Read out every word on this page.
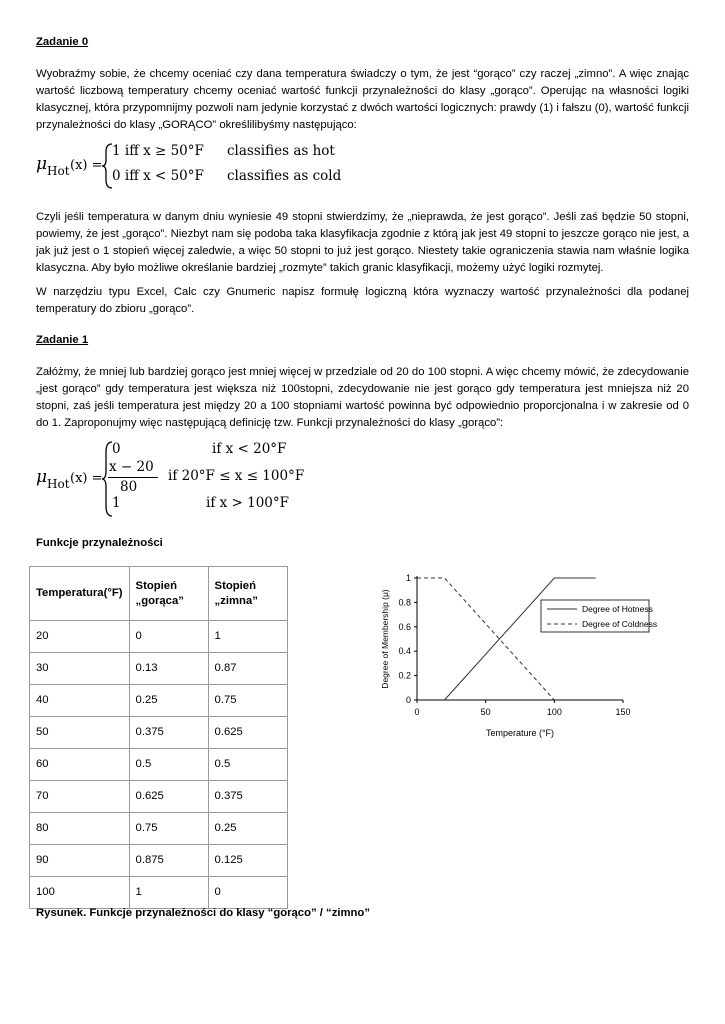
Zadanie 0

Wyobraźmy sobie, że chcemy oceniać czy dana temperatura świadczy o tym, że jest “gorąco” czy raczej „zimno”. A więc znając wartość liczbową temperatury chcemy oceniać wartość funkcji przynależności do klasy „gorąco”. Operując na własności logiki klasycznej, która przypomnijmy pozwoli nam jedynie korzystać z dwóch wartości logicznych: prawdy (1) i fałszu (0), wartość funkcji przynależności do klasy „GORĄCO” określilibyśmy następująco:

μ Hot (x) =
1 iff x ≥ 50°F classifies as hot
0 iff x < 50°F classifies as cold

Czyli jeśli temperatura w danym dniu wyniesie 49 stopni stwierdzimy, że „nieprawda, że jest gorąco”. Jeśli zaś będzie 50 stopni, powiemy, że jest „gorąco”. Niezbyt nam się podoba taka klasyfikacja zgodnie z którą jak jest 49 stopni to jeszcze gorąco nie jest, a jak już jest o 1 stopień więcej zaledwie, a więc 50 stopni to już jest gorąco. Niestety takie ograniczenia stawia nam właśnie logika klasyczna. Aby było możliwe określanie bardziej „rozmyte” takich granic klasyfikacji, możemy użyć logiki rozmytej.

W narzędziu typu Excel, Calc czy Gnumeric napisz formułę logiczną która wyznaczy wartość przynależności dla podanej temperatury do zbioru „gorąco”.

Zadanie 1

Załóżmy, że mniej lub bardziej gorąco jest mniej więcej w przedziale od 20 do 100 stopni. A więc chcemy mówić, że zdecydowanie „jest gorąco” gdy temperatura jest większa niż 100stopni, zdecydowanie nie jest gorąco gdy temperatura jest mniejsza niż 20 stopni, zaś jeśli temperatura jest między 20 a 100 stopniami wartość powinna być odpowiednio proporcjonalna i w zakresie od 0 do 1. Zaproponujmy więc następującą definicję tzw. Funkcji przynależności do klasy „gorąco”:

μ Hot (x) =
0	if x < 20°F
x − 20
80
if 20°F ≤ x ≤ 100°F
1	if x > 100°F
Funkcje przynależności
Temperatura(°F)	Stopień „gorąca”	Stopień „zimna”
20	0	1
30	0.13	0.87
40	0.25	0.75
50	0.375	0.625
60	0.5	0.5
70	0.625	0.375
80	0.75	0.25
90	0.875	0.125
100	1	0
0
0.2
0.4
0.6
0.8
1
0	50	100	150
Temperature (°F)
Degree of Membership (μ)	Degree of Hotness
Degree of Coldness
Rysunek. Funkcje przynależności do klasy “gorąco” / “zimno”
